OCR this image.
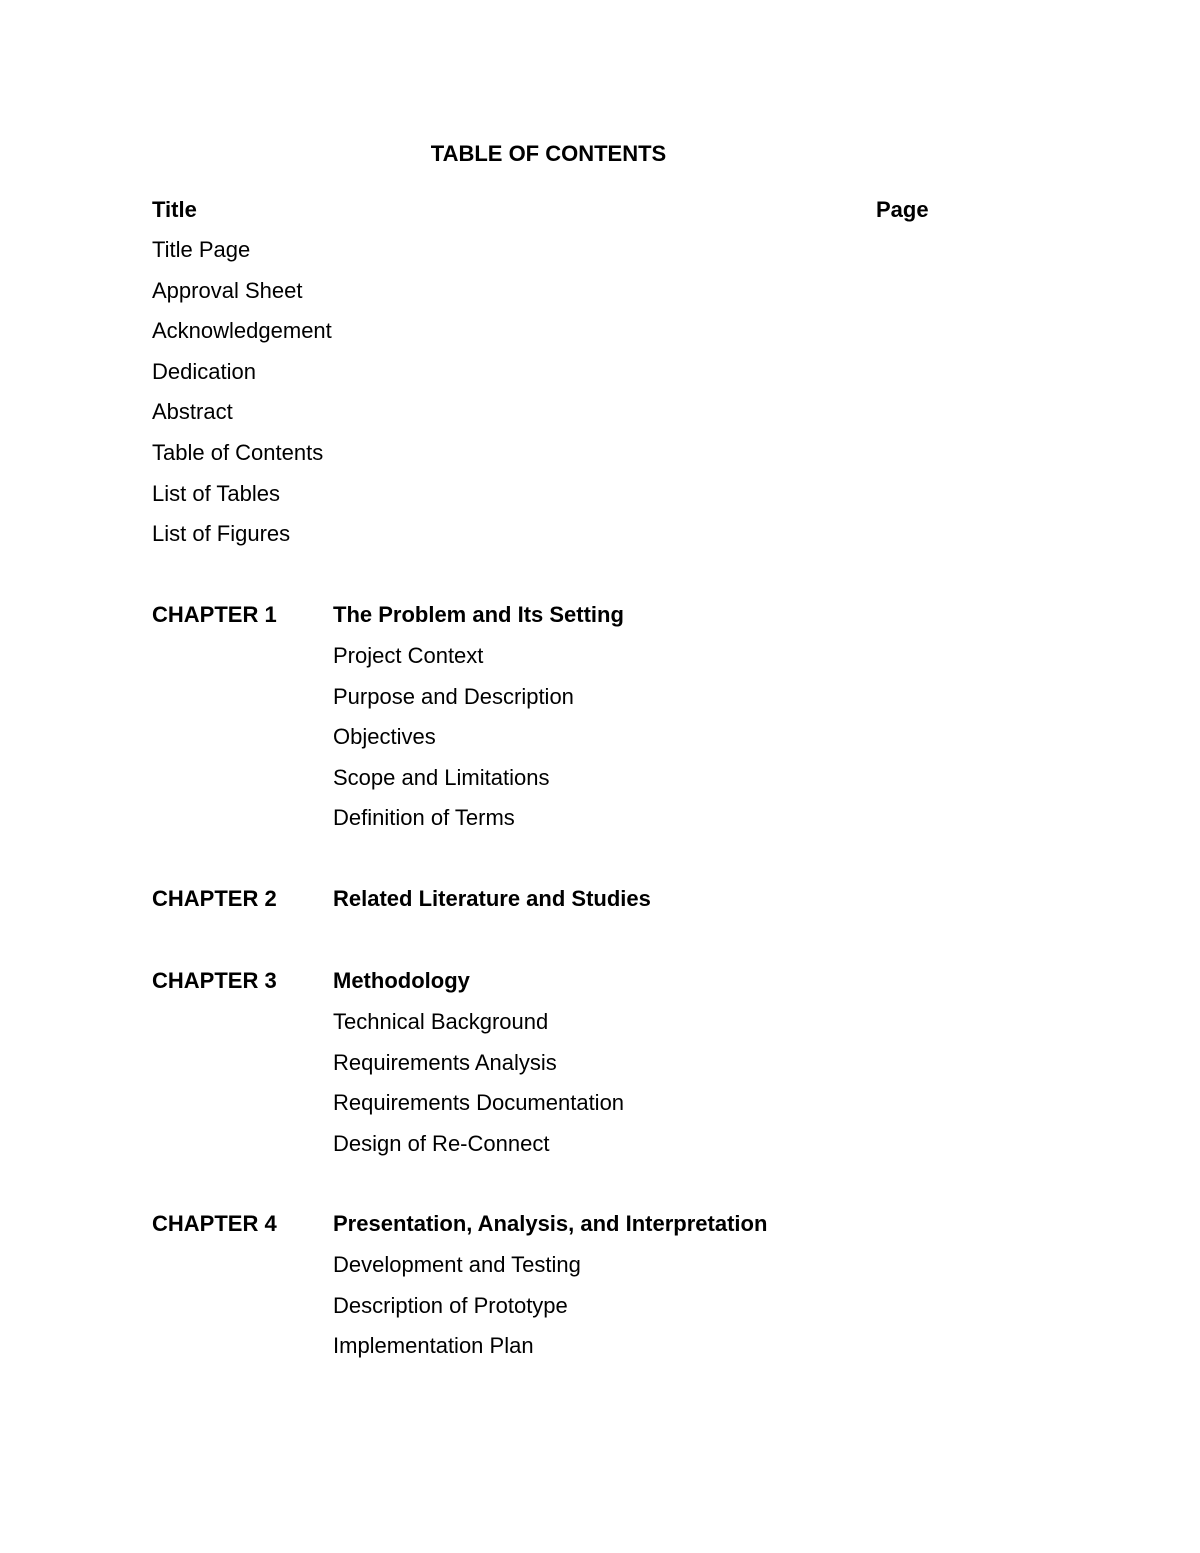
TABLE OF CONTENTS
Title	Page
Title Page
Approval Sheet
Acknowledgement
Dedication
Abstract
Table of Contents
List of Tables
List of Figures
CHAPTER 1	The Problem and Its Setting
Project Context
Purpose and Description
Objectives
Scope and Limitations
Definition of Terms
CHAPTER 2	Related Literature and Studies
CHAPTER 3	Methodology
Technical Background
Requirements Analysis
Requirements Documentation
Design of Re-Connect
CHAPTER 4	Presentation, Analysis, and Interpretation
Development and Testing
Description of Prototype
Implementation Plan
